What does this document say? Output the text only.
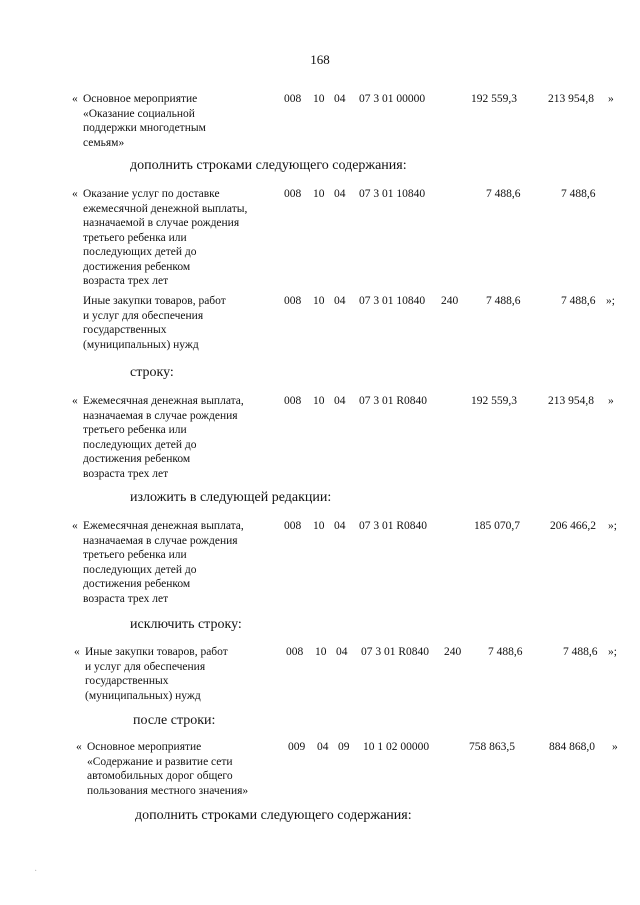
168
« Основное мероприятие
«Оказание социальной
поддержки многодетным
семьям»
008 10 04 07 3 01 00000	192 559,3	213 954,8 »
дополнить строками следующего содержания:
« Оказание услуг по доставке
ежемесячной денежной выплаты,
назначаемой в случае рождения
третьего ребенка или
последующих детей до
достижения ребенком
возраста трех лет
008 10 04 07 3 01 10840	7 488,6	7 488,6
Иные закупки товаров, работ
и услуг для обеспечения
государственных
(муниципальных) нужд
008 10 04 07 3 01 10840 240 7 488,6	7 488,6 »;
строку:
« Ежемесячная денежная выплата,
назначаемая в случае рождения
третьего ребенка или
последующих детей до
достижения ребенком
возраста трех лет
008 10 04 07 3 01 R0840	192 559,3	213 954,8 »
изложить в следующей редакции:
« Ежемесячная денежная выплата,
назначаемая в случае рождения
третьего ребенка или
последующих детей до
достижения ребенком
возраста трех лет
008 10 04 07 3 01 R0840	185 070,7	206 466,2 »;
исключить строку:
« Иные закупки товаров, работ
и услуг для обеспечения
государственных
(муниципальных) нужд
008 10 04 07 3 01 R0840 240 7 488,6	7 488,6 »;
после строки:
« Основное мероприятие
«Содержание и развитие сети
автомобильных дорог общего
пользования местного значения»
009 04 09 10 1 02 00000	758 863,5	884 868,0 »
дополнить строками следующего содержания:
·
